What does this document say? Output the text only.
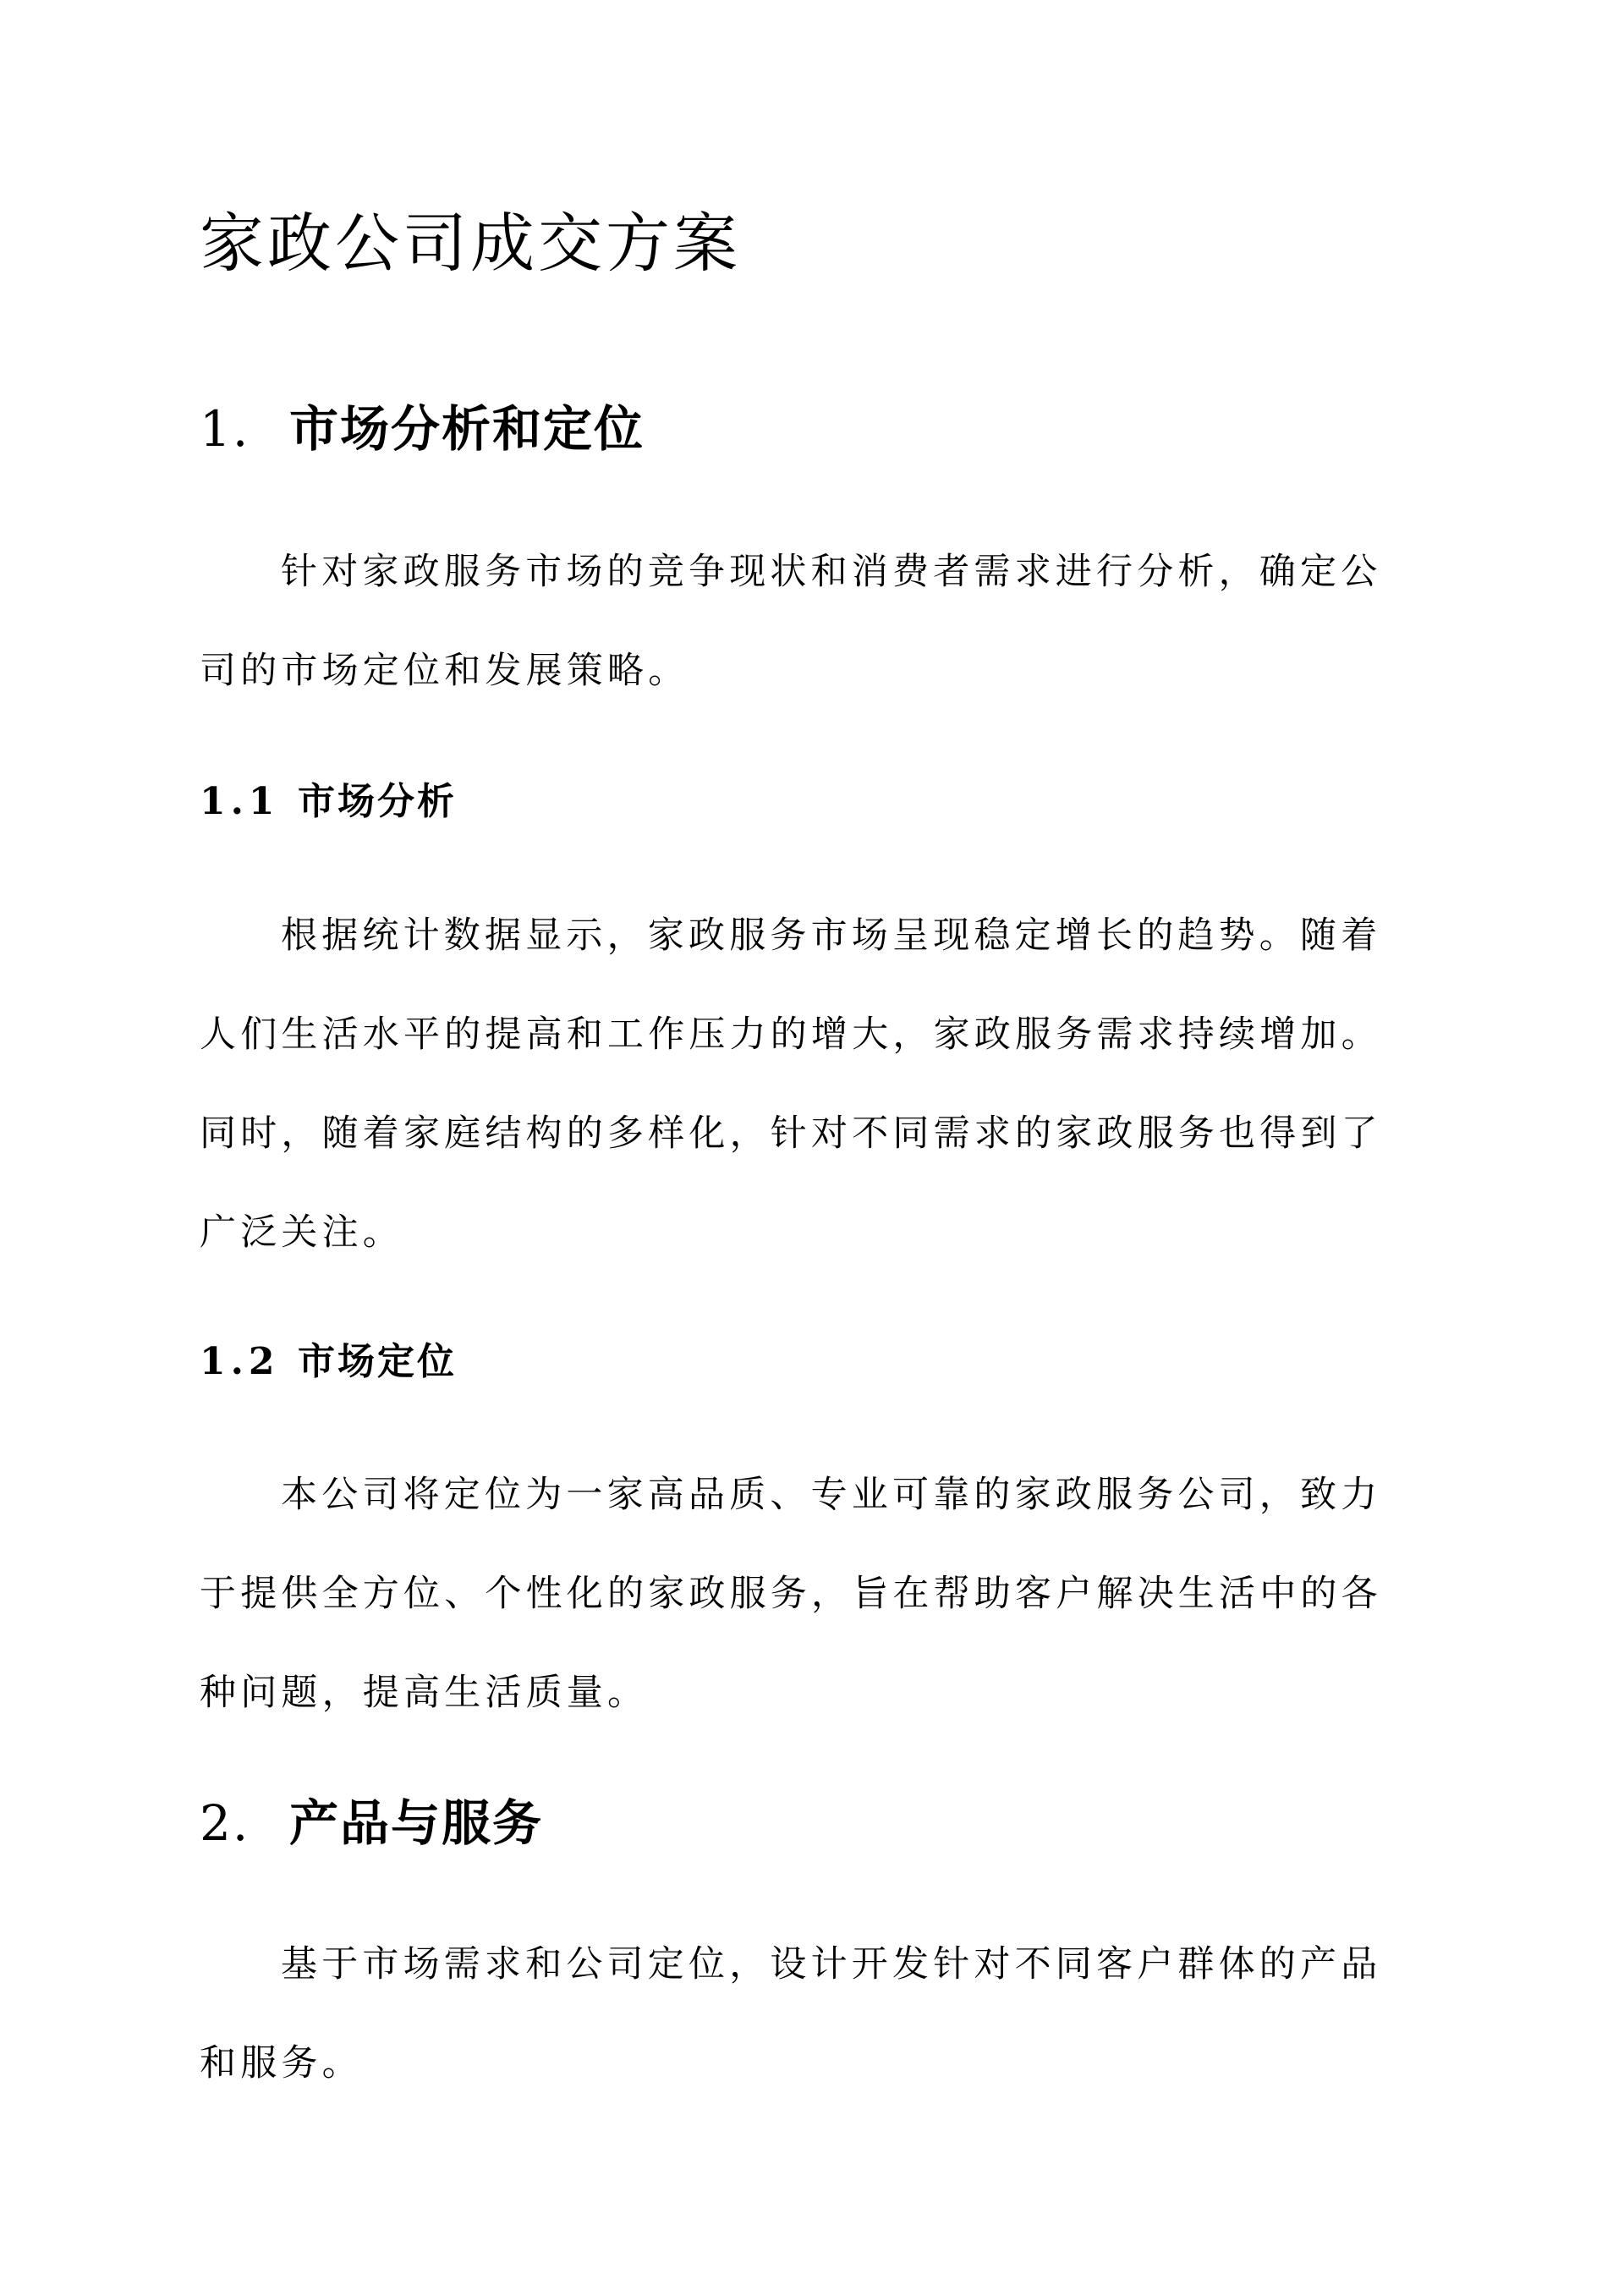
家政公司成交方案
1. 市场分析和定位

针对家政服务市场的竞争现状和消费者需求进行分析，确定公
司的市场定位和发展策略。

1.1 市场分析

根据统计数据显示，家政服务市场呈现稳定增长的趋势。随着
人们生活水平的提高和工作压力的增大，家政服务需求持续增加。
同时，随着家庭结构的多样化，针对不同需求的家政服务也得到了
广泛关注。

1.2 市场定位

本公司将定位为一家高品质、专业可靠的家政服务公司，致力
于提供全方位、个性化的家政服务，旨在帮助客户解决生活中的各
种问题，提高生活质量。

2. 产品与服务

基于市场需求和公司定位，设计开发针对不同客户群体的产品
和服务。
